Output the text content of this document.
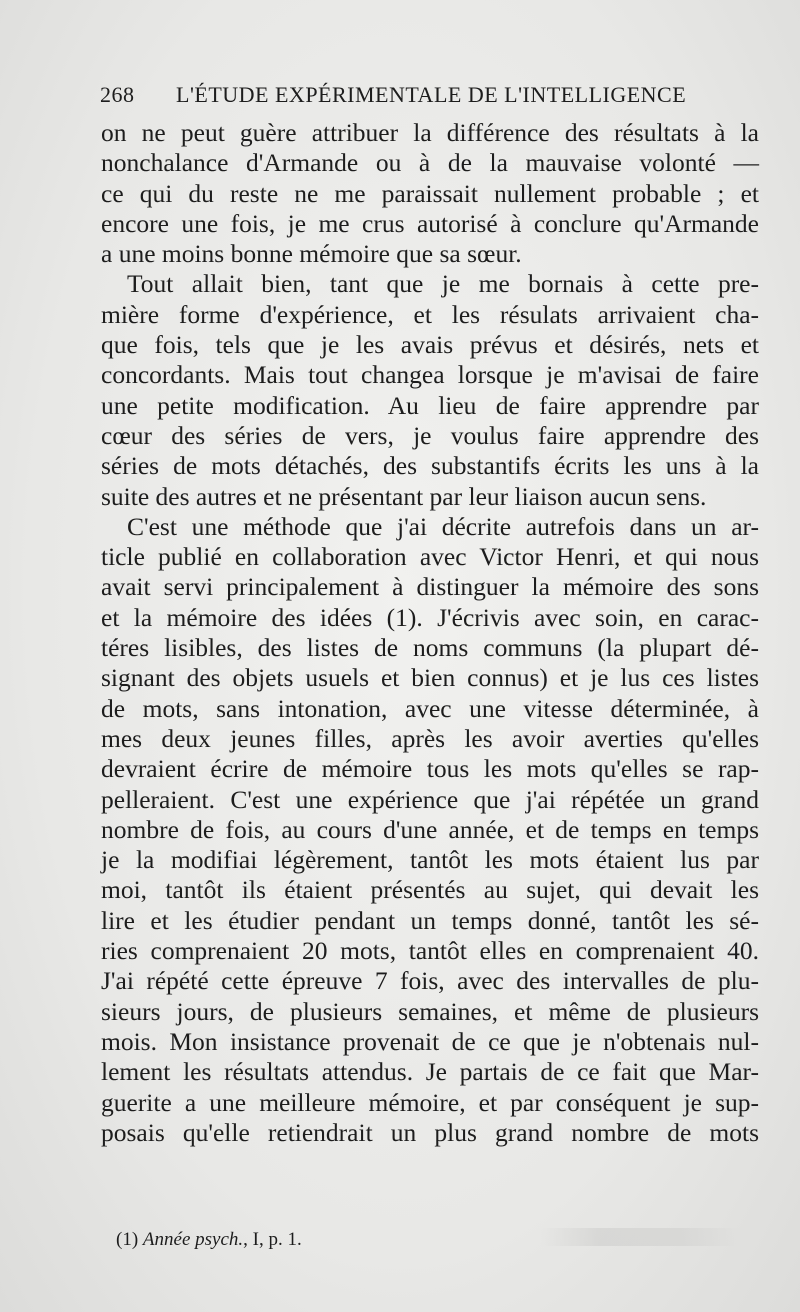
268 L'ÉTUDE EXPÉRIMENTALE DE L'INTELLIGENCE
on ne peut guère attribuer la différence des résultats à la
nonchalance d'Armande ou à de la mauvaise volonté —
ce qui du reste ne me paraissait nullement probable ; et
encore une fois, je me crus autorisé à conclure qu'Armande
a une moins bonne mémoire que sa sœur.
Tout allait bien, tant que je me bornais à cette pre-
mière forme d'expérience, et les résulats arrivaient cha-
que fois, tels que je les avais prévus et désirés, nets et
concordants. Mais tout changea lorsque je m'avisai de faire
une petite modification. Au lieu de faire apprendre par
cœur des séries de vers, je voulus faire apprendre des
séries de mots détachés, des substantifs écrits les uns à la
suite des autres et ne présentant par leur liaison aucun sens.
C'est une méthode que j'ai décrite autrefois dans un ar-
ticle publié en collaboration avec Victor Henri, et qui nous
avait servi principalement à distinguer la mémoire des sons
et la mémoire des idées (1). J'écrivis avec soin, en carac-
téres lisibles, des listes de noms communs (la plupart dé-
signant des objets usuels et bien connus) et je lus ces listes
de mots, sans intonation, avec une vitesse déterminée, à
mes deux jeunes filles, après les avoir averties qu'elles
devraient écrire de mémoire tous les mots qu'elles se rap-
pelleraient. C'est une expérience que j'ai répétée un grand
nombre de fois, au cours d'une année, et de temps en temps
je la modifiai légèrement, tantôt les mots étaient lus par
moi, tantôt ils étaient présentés au sujet, qui devait les
lire et les étudier pendant un temps donné, tantôt les sé-
ries comprenaient 20 mots, tantôt elles en comprenaient 40.
J'ai répété cette épreuve 7 fois, avec des intervalles de plu-
sieurs jours, de plusieurs semaines, et même de plusieurs
mois. Mon insistance provenait de ce que je n'obtenais nul-
lement les résultats attendus. Je partais de ce fait que Mar-
guerite a une meilleure mémoire, et par conséquent je sup-
posais qu'elle retiendrait un plus grand nombre de mots
(1) Année psych., I, p. 1.
